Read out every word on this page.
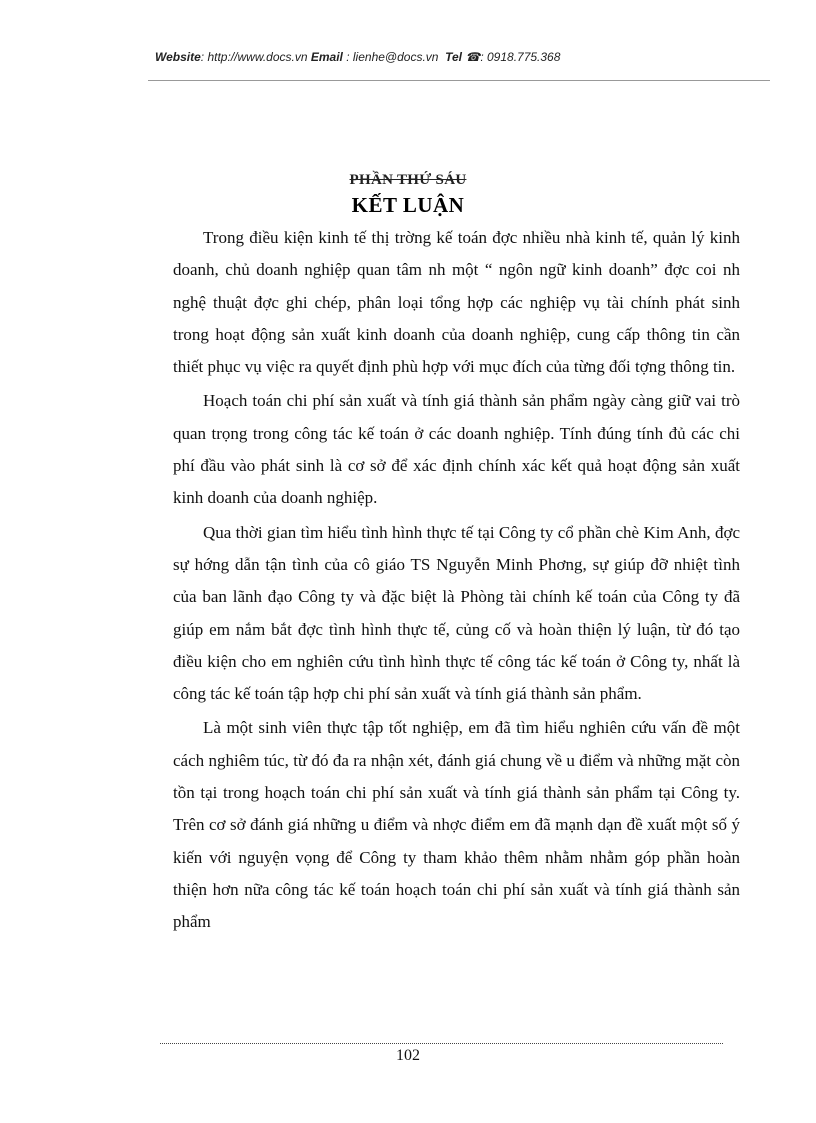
Website: http://www.docs.vn Email : lienhe@docs.vn Tel ☎: 0918.775.368
PHẦN THỨ SÁU
KẾT LUẬN

Trong điều kiện kinh tế thị trờng kế toán đợc nhiều nhà kinh tế, quản lý kinh doanh, chủ doanh nghiệp quan tâm nh một “ ngôn ngữ kinh doanh” đợc coi nh nghệ thuật đợc ghi chép, phân loại tổng hợp các nghiệp vụ tài chính phát sinh trong hoạt động sản xuất kinh doanh của doanh nghiệp, cung cấp thông tin cần thiết phục vụ việc ra quyết định phù hợp với mục đích của từng đối tợng thông tin.

Hoạch toán chi phí sản xuất và tính giá thành sản phẩm ngày càng giữ vai trò quan trọng trong công tác kế toán ở các doanh nghiệp. Tính đúng tính đủ các chi phí đầu vào phát sinh là cơ sở để xác định chính xác kết quả hoạt động sản xuất kinh doanh của doanh nghiệp.

Qua thời gian tìm hiểu tình hình thực tế tại Công ty cổ phần chè Kim Anh, đợc sự hớng dẫn tận tình của cô giáo TS Nguyễn Minh Phơng, sự giúp đỡ nhiệt tình của ban lãnh đạo Công ty và đặc biệt là Phòng tài chính kế toán của Công ty đã giúp em nắm bắt đợc tình hình thực tế, củng cố và hoàn thiện lý luận, từ đó tạo điều kiện cho em nghiên cứu tình hình thực tế công tác kế toán ở Công ty, nhất là công tác kế toán tập hợp chi phí sản xuất và tính giá thành sản phẩm.

Là một sinh viên thực tập tốt nghiệp, em đã tìm hiểu nghiên cứu vấn đề một cách nghiêm túc, từ đó đa ra nhận xét, đánh giá chung về u điểm và những mặt còn tồn tại trong hoạch toán chi phí sản xuất và tính giá thành sản phẩm tại Công ty. Trên cơ sở đánh giá những u điểm và nhợc điểm em đã mạnh dạn đề xuất một số ý kiến với nguyện vọng để Công ty tham khảo thêm nhằm nhằm góp phần hoàn thiện hơn nữa công tác kế toán hoạch toán chi phí sản xuất và tính giá thành sản phẩm

102
